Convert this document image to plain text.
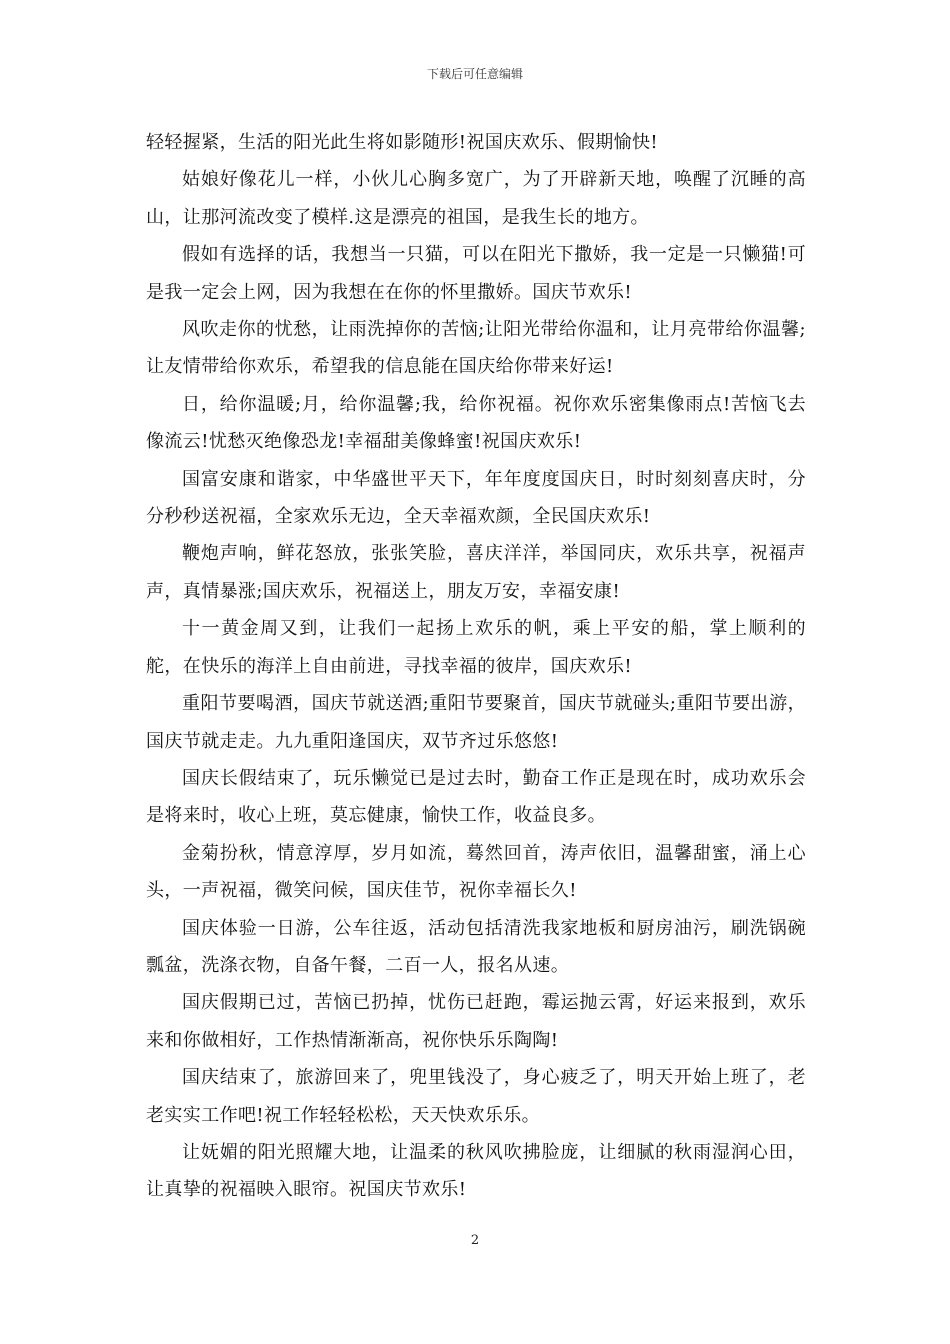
下载后可任意编辑

轻轻握紧，生活的阳光此生将如影随形!祝国庆欢乐、假期愉快!

姑娘好像花儿一样，小伙儿心胸多宽广，为了开辟新天地，唤醒了沉睡的高山，让那河流改变了模样.这是漂亮的祖国，是我生长的地方。

假如有选择的话，我想当一只猫，可以在阳光下撒娇，我一定是一只懒猫!可是我一定会上网，因为我想在在你的怀里撒娇。国庆节欢乐!

风吹走你的忧愁，让雨洗掉你的苦恼;让阳光带给你温和，让月亮带给你温馨;让友情带给你欢乐，希望我的信息能在国庆给你带来好运!

日，给你温暖;月，给你温馨;我，给你祝福。祝你欢乐密集像雨点!苦恼飞去像流云!忧愁灭绝像恐龙!幸福甜美像蜂蜜!祝国庆欢乐!

国富安康和谐家，中华盛世平天下，年年度度国庆日，时时刻刻喜庆时，分分秒秒送祝福，全家欢乐无边，全天幸福欢颜，全民国庆欢乐!

鞭炮声响，鲜花怒放，张张笑脸，喜庆洋洋，举国同庆，欢乐共享，祝福声声，真情暴涨;国庆欢乐，祝福送上，朋友万安，幸福安康!

十一黄金周又到，让我们一起扬上欢乐的帆，乘上平安的船，掌上顺利的舵，在快乐的海洋上自由前进，寻找幸福的彼岸，国庆欢乐!

重阳节要喝酒，国庆节就送酒;重阳节要聚首，国庆节就碰头;重阳节要出游，国庆节就走走。九九重阳逢国庆，双节齐过乐悠悠!

国庆长假结束了，玩乐懒觉已是过去时，勤奋工作正是现在时，成功欢乐会是将来时，收心上班，莫忘健康，愉快工作，收益良多。

金菊扮秋，情意淳厚，岁月如流，蓦然回首，涛声依旧，温馨甜蜜，涌上心头，一声祝福，微笑问候，国庆佳节，祝你幸福长久!

国庆体验一日游，公车往返，活动包括清洗我家地板和厨房油污，刷洗锅碗瓢盆，洗涤衣物，自备午餐，二百一人，报名从速。

国庆假期已过，苦恼已扔掉，忧伤已赶跑，霉运抛云霄，好运来报到，欢乐来和你做相好，工作热情渐渐高，祝你快乐乐陶陶!

国庆结束了，旅游回来了，兜里钱没了，身心疲乏了，明天开始上班了，老老实实工作吧!祝工作轻轻松松，天天快欢乐乐。

让妩媚的阳光照耀大地，让温柔的秋风吹拂脸庞，让细腻的秋雨湿润心田，让真挚的祝福映入眼帘。祝国庆节欢乐!

2
